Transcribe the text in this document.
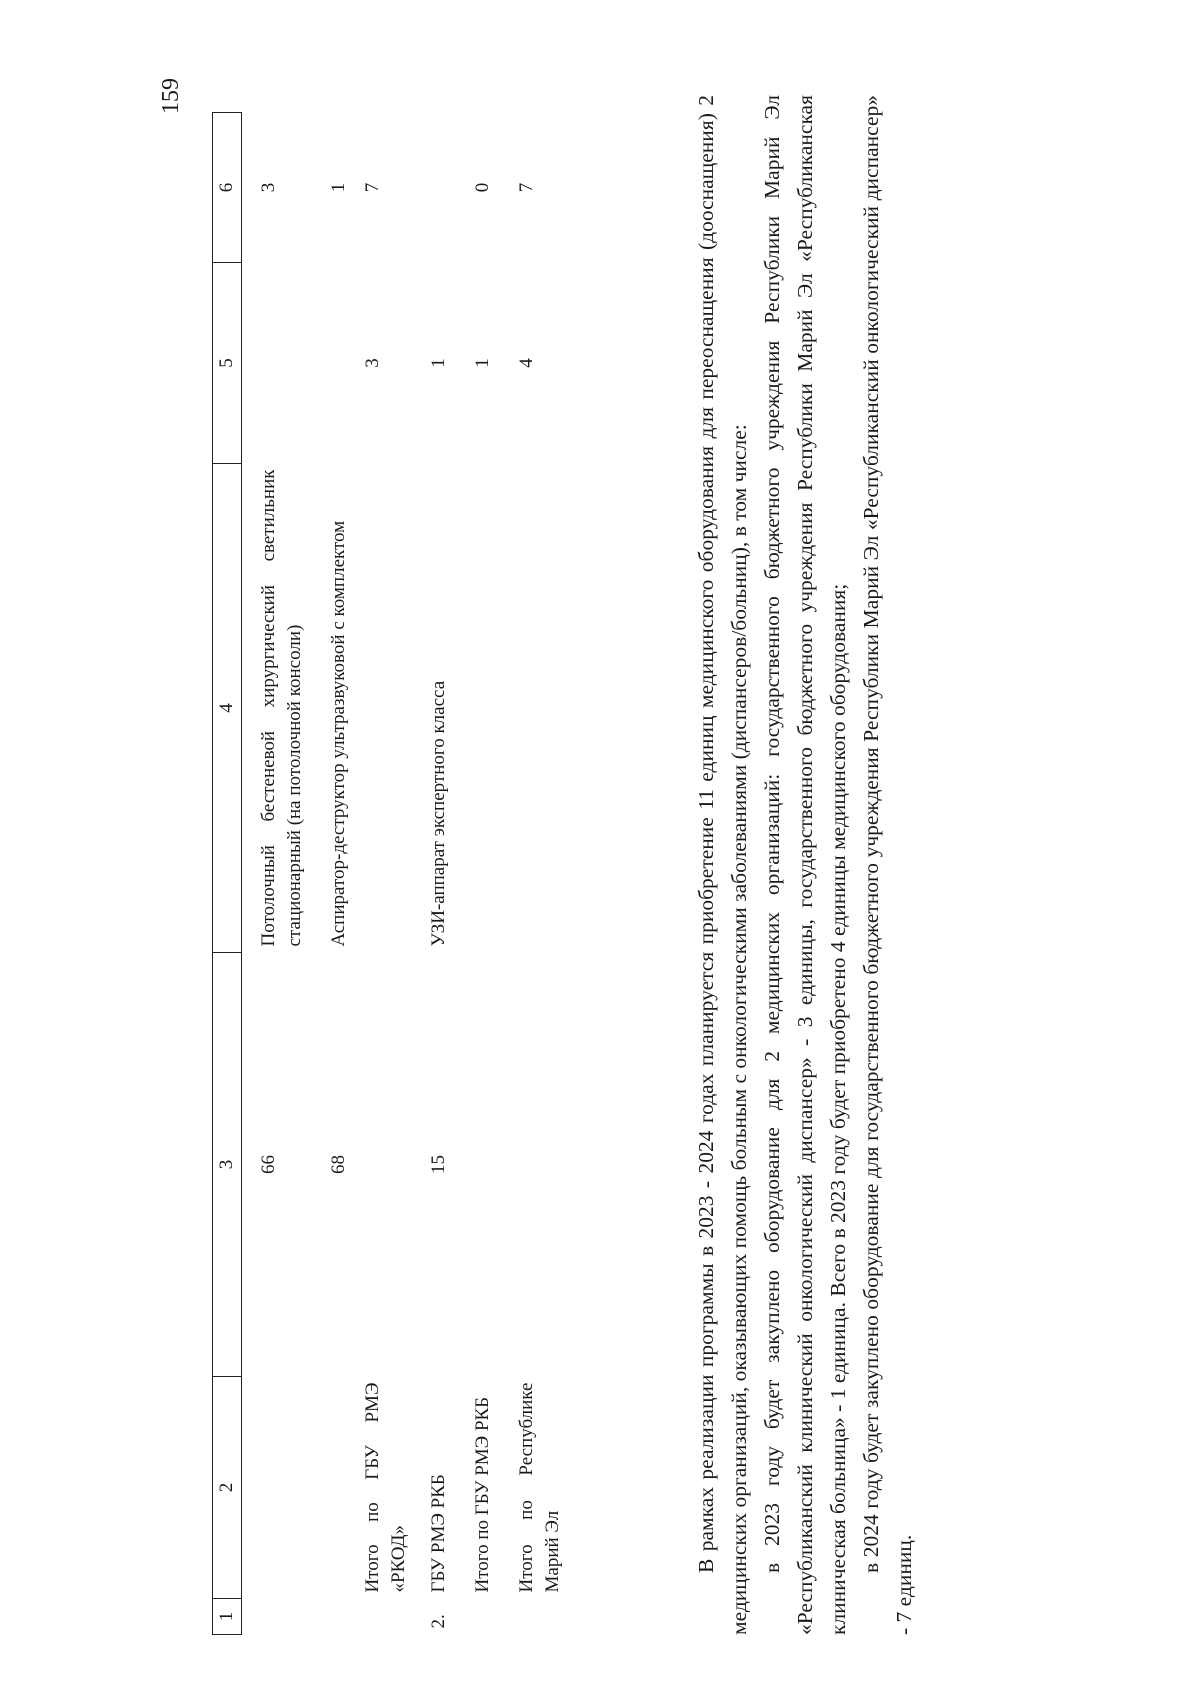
159
1	2	3	4	5	6
		66	Потолочный бестеневой хирургический светильник стационарный (на потолочной консоли)		3
		68	Аспиратор-деструктор ультразвуковой с комплектом		1
	Итого по ГБУ РМЭ «РКОД»			3	7
2.	ГБУ РМЭ РКБ	15	УЗИ-аппарат экспертного класса	1	
	Итого по ГБУ РМЭ РКБ			1	0
	Итого по Республике Марий Эл			4	7	В рамках реализации программы в 2023 - 2024 годах планируется приобретение 11 единиц медицинского оборудования для переоснащения (дооснащения) 2 медицинских организаций, оказывающих помощь больным с онкологическими заболеваниями (диспансеров/больниц), в том числе: в 2023 году будет закуплено оборудование для 2 медицинских организаций: государственного бюджетного учреждения Республики Марий Эл «Республиканский клинический онкологический диспансер» - 3 единицы, государственного бюджетного учреждения Республики Марий Эл «Республиканская клиническая больница» - 1 единица. Всего в 2023 году будет приобретено 4 единицы медицинского оборудования; в 2024 году будет закуплено оборудование для государственного бюджетного учреждения Республики Марий Эл «Республиканский онкологический диспансер» - 7 единиц.
